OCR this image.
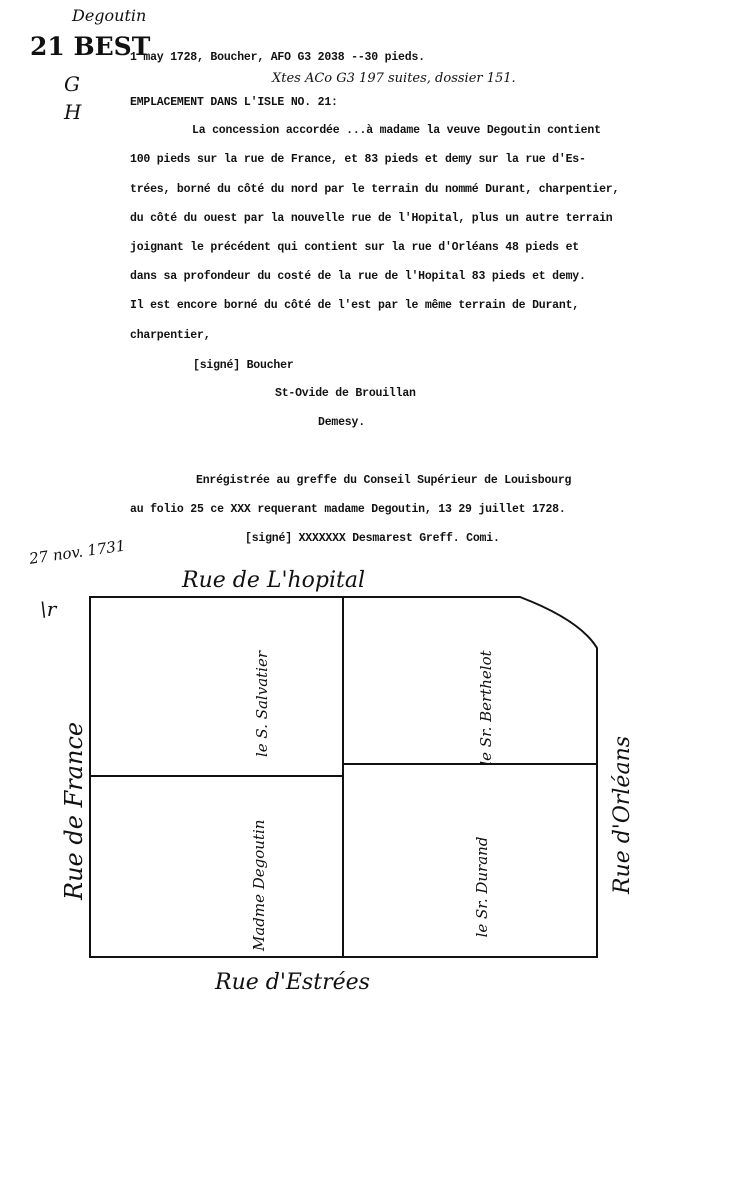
Degoutin
21 BEST
G
H
Xtes ACo G3 197 suites, dossier 151.
1 may 1728, Boucher, AFO G3 2038 --30 pieds.
EMPLACEMENT DANS L'ISLE NO. 21:
La concession accordée ...à madame la veuve Degoutin contient
100 pieds sur la rue de France, et 83 pieds et demy sur la rue d'Es-
trées, borné du côté du nord par le terrain du nommé Durant, charpentier,
du côté du ouest par la nouvelle rue de l'Hopital, plus un autre terrain
joignant le précédent qui contient sur la rue d'Orléans 48 pieds et
dans sa profondeur du costé de la rue de l'Hopital 83 pieds et demy.
Il est encore borné du côté de l'est par le même terrain de Durant,
charpentier,
[signé] Boucher
St-Ovide de Brouillan
Demesy.
Enrégistrée au greffe du Conseil Supérieur de Louisbourg
au folio 25 ce XXX requerant madame Degoutin, 13 29 juillet 1728.
[signé] XXXXXXX Desmarest Greff. Comi.
27 nov. 1731
\r
Rue de L'hopital
Rue d'Estrées
Rue de France	Rue d'Orléans
le S. Salvatier	le Sr. Berthelot
Madme Degoutin	le Sr. Durand
